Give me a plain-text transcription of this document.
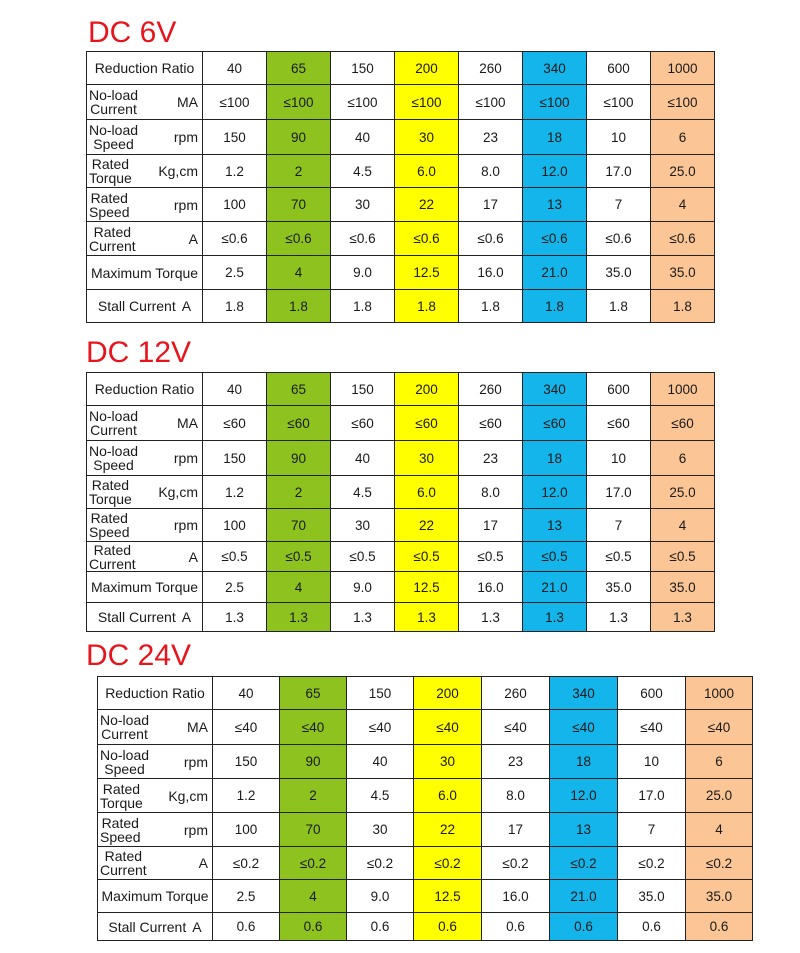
DC 6V
Reduction Ratio	40	65	150	200	260	340	600	1000

No-load
Current MA	≤100	≤100	≤100	≤100	≤100	≤100	≤100	≤100

No-load
Speed rpm	150	90	40	30	23	18	10	6

Rated
Torque Kg,cm	1.2	2	4.5	6.0	8.0	12.0	17.0	25.0

Rated
Speed rpm	100	70	30	22	17	13	7	4

Rated
Current A	≤0.6	≤0.6	≤0.6	≤0.6	≤0.6	≤0.6	≤0.6	≤0.6

Maximum Torque	2.5	4	9.0	12.5	16.0	21.0	35.0	35.0

Stall Current A	1.8	1.8	1.8	1.8	1.8	1.8	1.8	1.8
DC 12V
Reduction Ratio	40	65	150	200	260	340	600	1000

No-load
Current MA	≤60	≤60	≤60	≤60	≤60	≤60	≤60	≤60

No-load
Speed rpm	150	90	40	30	23	18	10	6

Rated
Torque Kg,cm	1.2	2	4.5	6.0	8.0	12.0	17.0	25.0

Rated
Speed rpm	100	70	30	22	17	13	7	4

Rated
Current A	≤0.5	≤0.5	≤0.5	≤0.5	≤0.5	≤0.5	≤0.5	≤0.5

Maximum Torque	2.5	4	9.0	12.5	16.0	21.0	35.0	35.0

Stall Current A	1.3	1.3	1.3	1.3	1.3	1.3	1.3	1.3
DC 24V
Reduction Ratio	40	65	150	200	260	340	600	1000

No-load
Current MA	≤40	≤40	≤40	≤40	≤40	≤40	≤40	≤40

No-load
Speed rpm	150	90	40	30	23	18	10	6

Rated
Torque Kg,cm	1.2	2	4.5	6.0	8.0	12.0	17.0	25.0

Rated
Speed rpm	100	70	30	22	17	13	7	4

Rated
Current A	≤0.2	≤0.2	≤0.2	≤0.2	≤0.2	≤0.2	≤0.2	≤0.2

Maximum Torque	2.5	4	9.0	12.5	16.0	21.0	35.0	35.0

Stall Current A	0.6	0.6	0.6	0.6	0.6	0.6	0.6	0.6
